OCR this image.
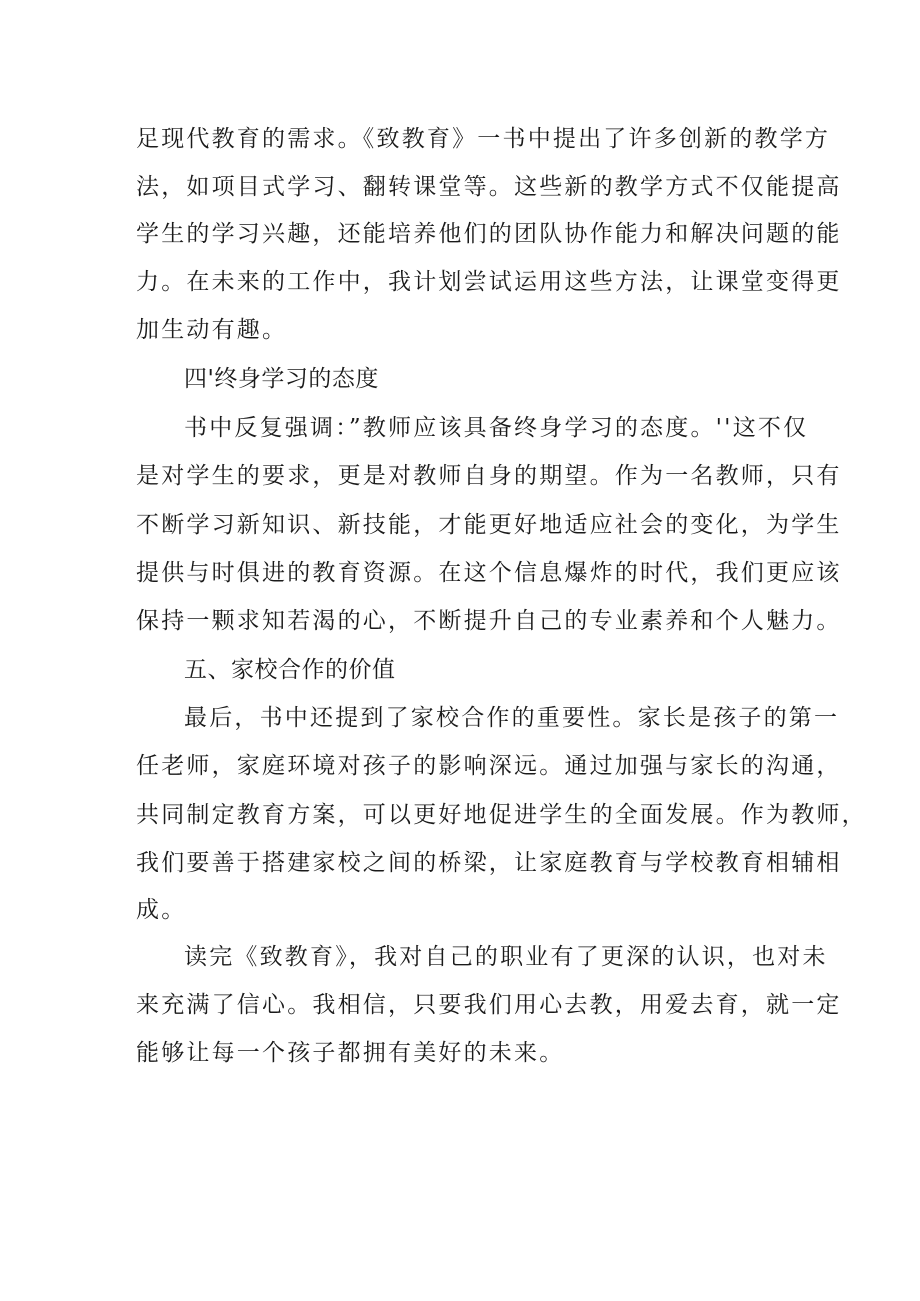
足现代教育的需求。《致教育》一书中提出了许多创新的教学方
法，如项目式学习、翻转课堂等。这些新的教学方式不仅能提高
学生的学习兴趣，还能培养他们的团队协作能力和解决问题的能
力。在未来的工作中，我计划尝试运用这些方法，让课堂变得更
加生动有趣。
四'终身学习的态度
书中反复强调：”教师应该具备终身学习的态度。''这不仅
是对学生的要求，更是对教师自身的期望。作为一名教师，只有
不断学习新知识、新技能，才能更好地适应社会的变化，为学生
提供与时俱进的教育资源。在这个信息爆炸的时代，我们更应该
保持一颗求知若渴的心，不断提升自己的专业素养和个人魅力。
五、家校合作的价值
最后，书中还提到了家校合作的重要性。家长是孩子的第一
任老师，家庭环境对孩子的影响深远。通过加强与家长的沟通，
共同制定教育方案，可以更好地促进学生的全面发展。作为教师，
我们要善于搭建家校之间的桥梁，让家庭教育与学校教育相辅相
成。
读完《致教育》，我对自己的职业有了更深的认识，也对未
来充满了信心。我相信，只要我们用心去教，用爱去育，就一定
能够让每一个孩子都拥有美好的未来。
